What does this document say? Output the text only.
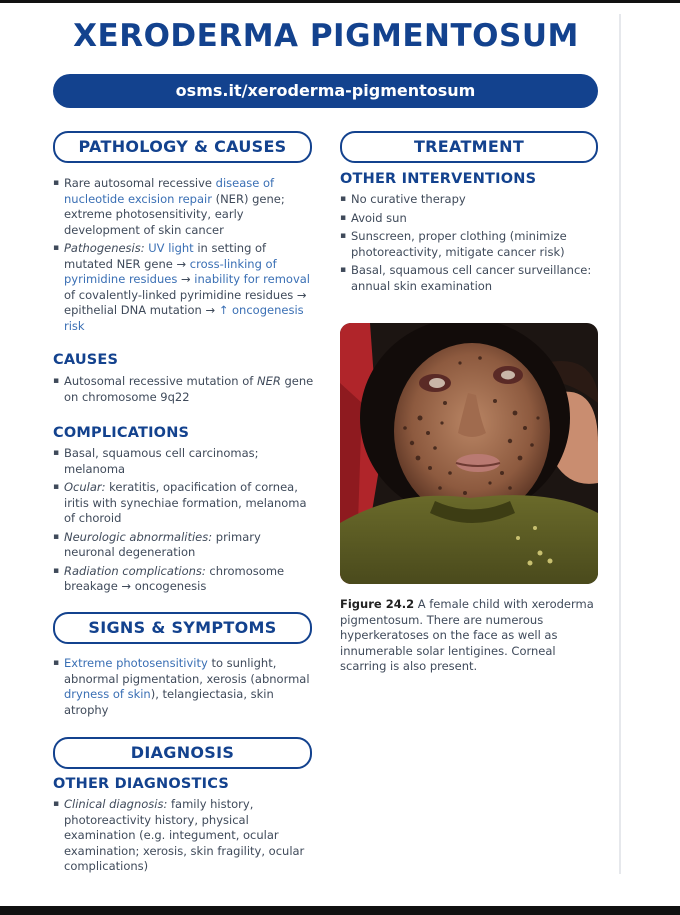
XERODERMA PIGMENTOSUM
osms.it/xeroderma-pigmentosum
PATHOLOGY & CAUSES
▪ Rare autosomal recessive disease of nucleotide excision repair (NER) gene; extreme photosensitivity, early development of skin cancer
▪ Pathogenesis: UV light in setting of mutated NER gene → cross-linking of pyrimidine residues → inability for removal of covalently-linked pyrimidine residues → epithelial DNA mutation → ↑ oncogenesis risk
CAUSES
▪ Autosomal recessive mutation of NER gene on chromosome 9q22
COMPLICATIONS
▪ Basal, squamous cell carcinomas; melanoma
▪ Ocular: keratitis, opacification of cornea, iritis with synechiae formation, melanoma of choroid
▪ Neurologic abnormalities: primary neuronal degeneration
▪ Radiation complications: chromosome breakage → oncogenesis
SIGNS & SYMPTOMS
▪ Extreme photosensitivity to sunlight, abnormal pigmentation, xerosis (abnormal dryness of skin), telangiectasia, skin atrophy
DIAGNOSIS
OTHER DIAGNOSTICS
▪ Clinical diagnosis: family history, photoreactivity history, physical examination (e.g. integument, ocular examination; xerosis, skin fragility, ocular complications)
TREATMENT
OTHER INTERVENTIONS
▪ No curative therapy
▪ Avoid sun
▪ Sunscreen, proper clothing (minimize photoreactivity, mitigate cancer risk)
▪ Basal, squamous cell cancer surveillance: annual skin examination
Figure 24.2 A female child with xeroderma pigmentosum. There are numerous hyperkeratoses on the face as well as innumerable solar lentigines. Corneal scarring is also present.
